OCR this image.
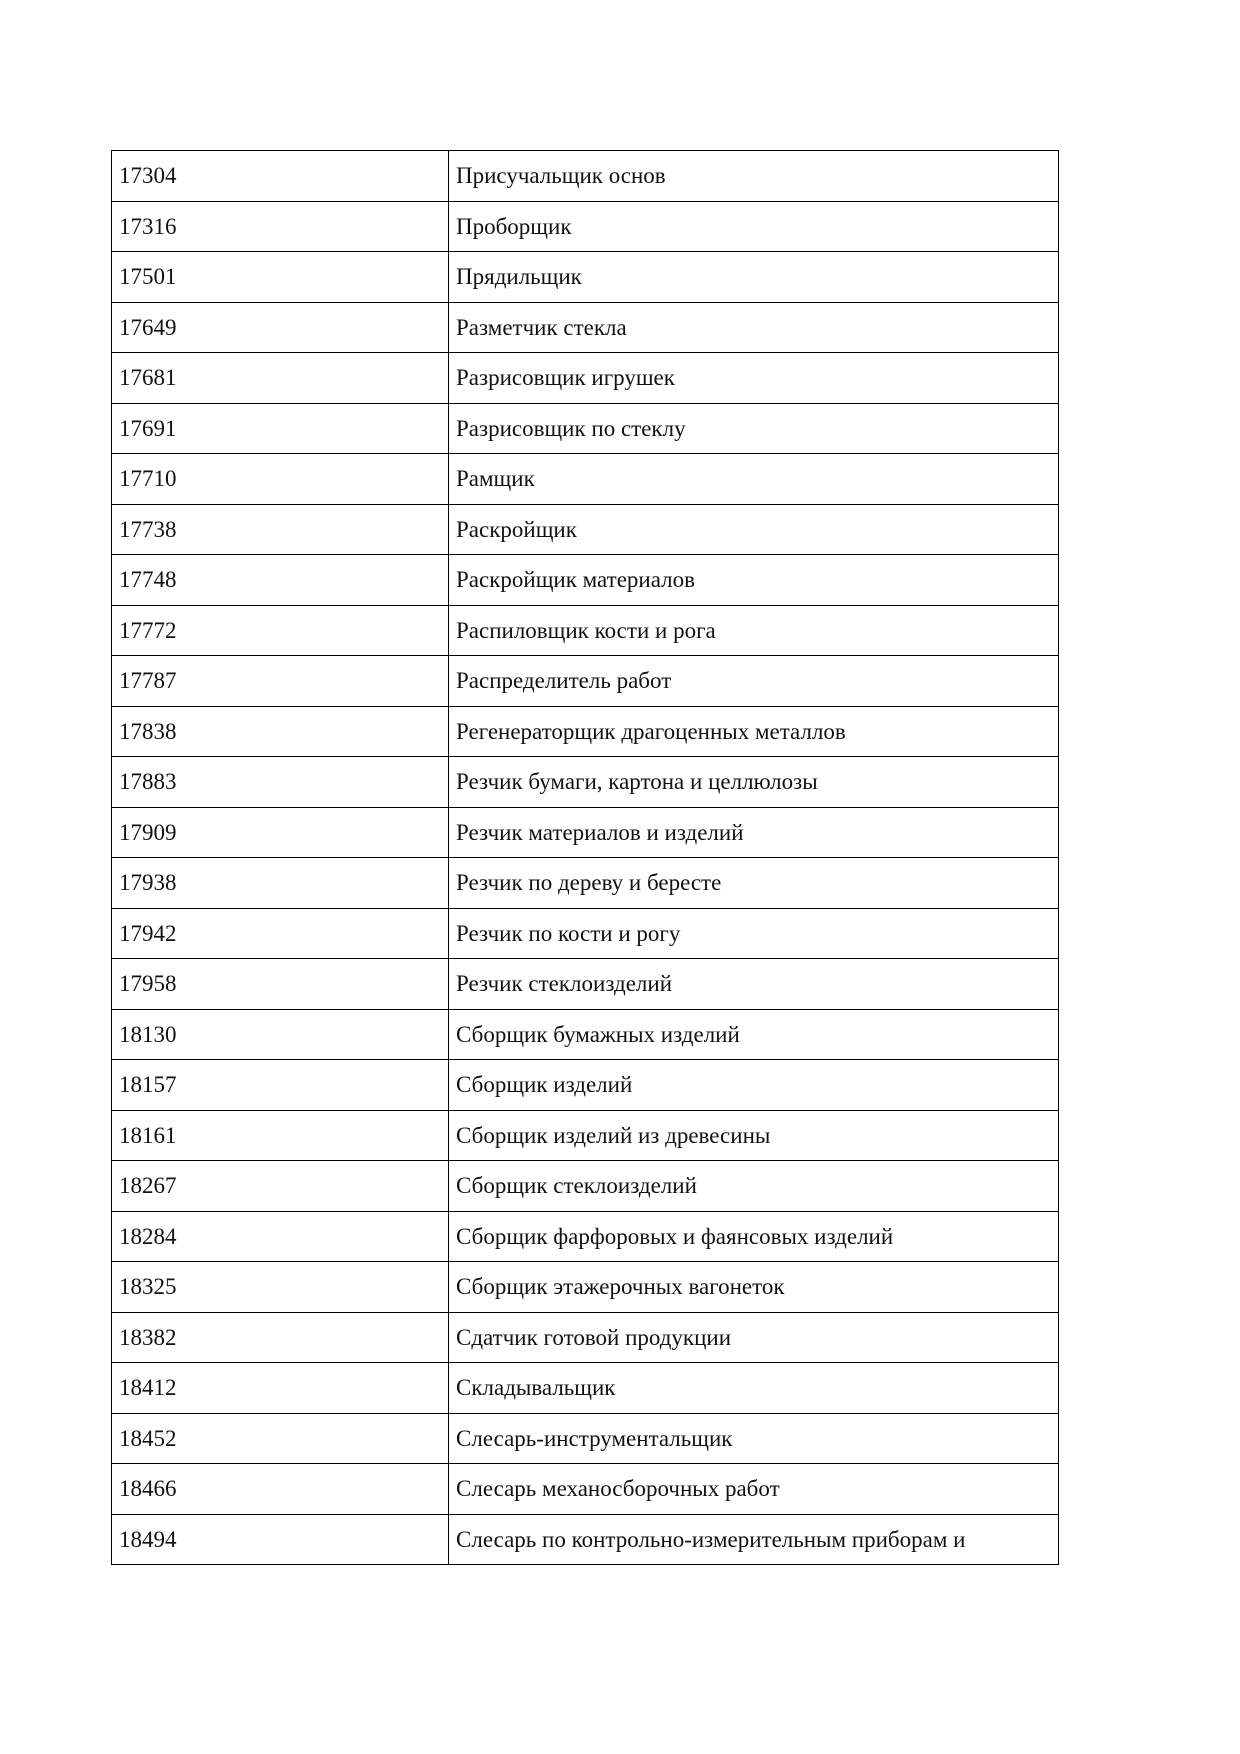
17304	Присучальщик основ
17316	Проборщик
17501	Прядильщик
17649	Разметчик стекла
17681	Разрисовщик игрушек
17691	Разрисовщик по стеклу
17710	Рамщик
17738	Раскройщик
17748	Раскройщик материалов
17772	Распиловщик кости и рога
17787	Распределитель работ
17838	Регенераторщик драгоценных металлов
17883	Резчик бумаги, картона и целлюлозы
17909	Резчик материалов и изделий
17938	Резчик по дереву и бересте
17942	Резчик по кости и рогу
17958	Резчик стеклоизделий
18130	Сборщик бумажных изделий
18157	Сборщик изделий
18161	Сборщик изделий из древесины
18267	Сборщик стеклоизделий
18284	Сборщик фарфоровых и фаянсовых изделий
18325	Сборщик этажерочных вагонеток
18382	Сдатчик готовой продукции
18412	Складывальщик
18452	Слесарь-инструментальщик
18466	Слесарь механосборочных работ
18494	Слесарь по контрольно-измерительным приборам и
